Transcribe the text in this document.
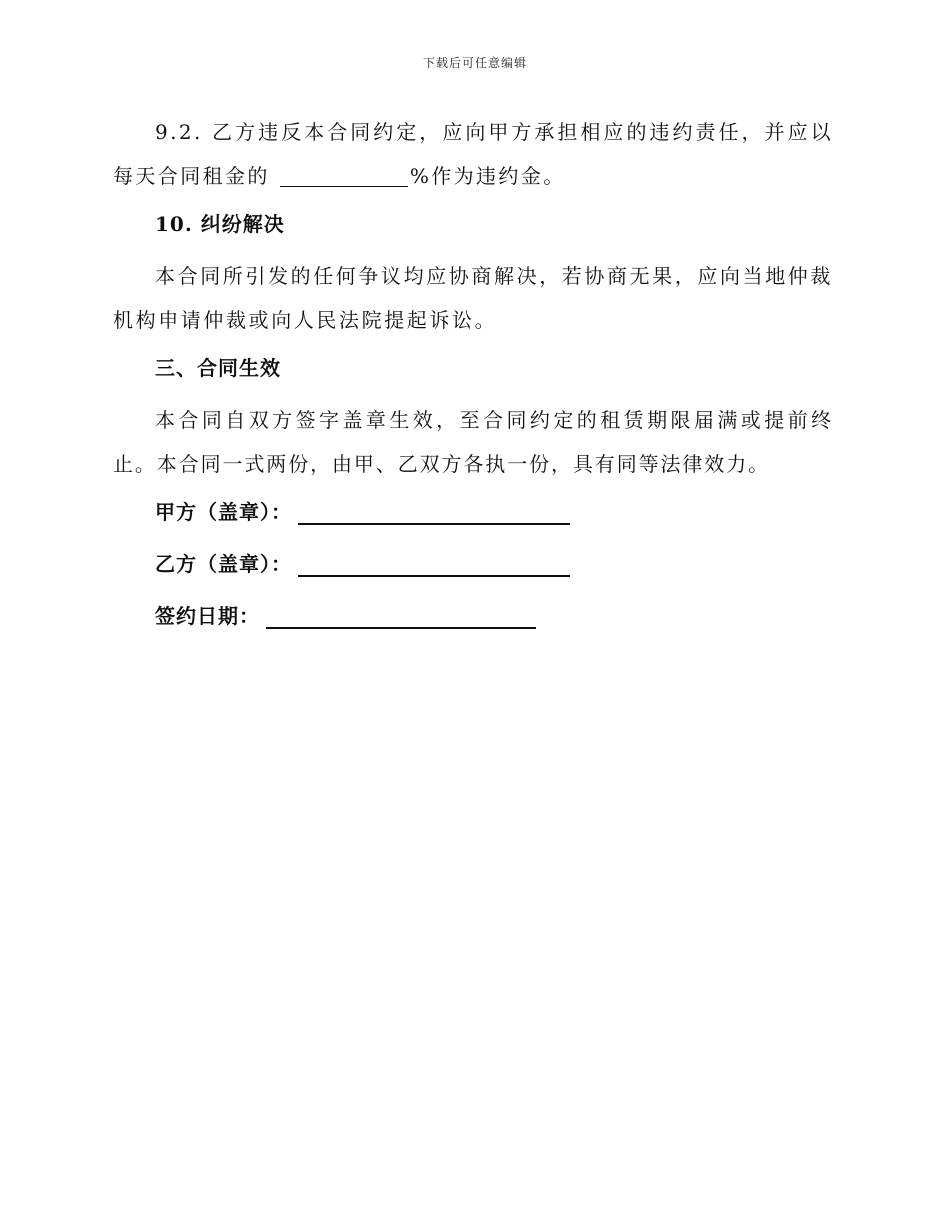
下载后可任意编辑

9.2. 乙方违反本合同约定，应向甲方承担相应的违约责任，并应以每天合同租金的	%作为违约金。

10. 纠纷解决

本合同所引发的任何争议均应协商解决，若协商无果，应向当地仲裁机构申请仲裁或向人民法院提起诉讼。

三、合同生效

本合同自双方签字盖章生效，至合同约定的租赁期限届满或提前终止。本合同一式两份，由甲、乙双方各执一份，具有同等法律效力。

甲方（盖章）：
乙方（盖章）：
签约日期：
